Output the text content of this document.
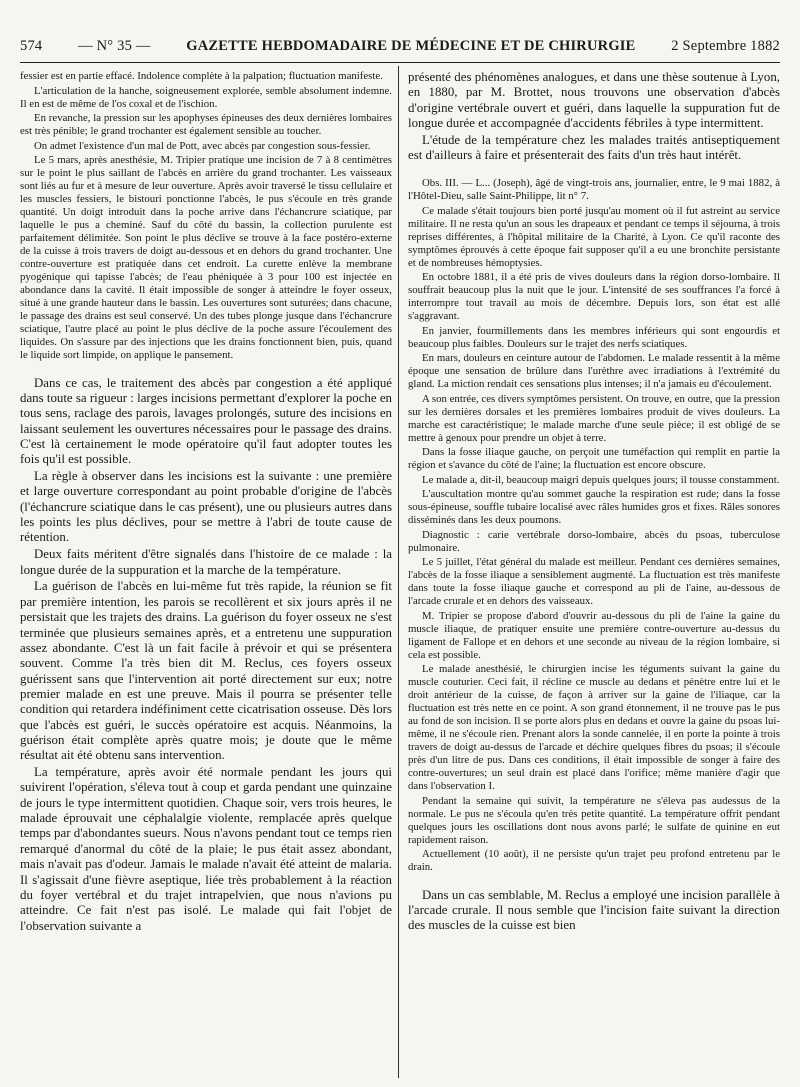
574 — N° 35 — GAZETTE HEBDOMADAIRE DE MÉDECINE ET DE CHIRURGIE 2 Septembre 1882

fessier est en partie effacé. Indolence complète à la palpation; fluctuation manifeste.

L'articulation de la hanche, soigneusement explorée, semble absolument indemne. Il en est de même de l'os coxal et de l'ischion.

En revanche, la pression sur les apophyses épineuses des deux dernières lombaires est très pénible; le grand trochanter est également sensible au toucher.

On admet l'existence d'un mal de Pott, avec abcès par congestion sous-fessier.

Le 5 mars, après anesthésie, M. Tripier pratique une incision de 7 à 8 centimètres sur le point le plus saillant de l'abcès en arrière du grand trochanter. Les vaisseaux sont liés au fur et à mesure de leur ouverture. Après avoir traversé le tissu cellulaire et les muscles fessiers, le bistouri ponctionne l'abcès, le pus s'écoule en très grande quantité. Un doigt introduit dans la poche arrive dans l'échancrure sciatique, par laquelle le pus a cheminé. Sauf du côté du bassin, la collection purulente est parfaitement délimitée. Son point le plus déclive se trouve à la face postéro-externe de la cuisse à trois travers de doigt au-dessous et en dehors du grand trochanter. Une contre-ouverture est pratiquée dans cet endroit. La curette enlève la membrane pyogénique qui tapisse l'abcès; de l'eau phéniquée à 3 pour 100 est injectée en abondance dans la cavité. Il était impossible de songer à atteindre le foyer osseux, situé à une grande hauteur dans le bassin. Les ouvertures sont suturées; dans chacune, le passage des drains est seul conservé. Un des tubes plonge jusque dans l'échancrure sciatique, l'autre placé au point le plus déclive de la poche assure l'écoulement des liquides. On s'assure par des injections que les drains fonctionnent bien, puis, quand le liquide sort limpide, on applique le pansement.

Dans ce cas, le traitement des abcès par congestion a été appliqué dans toute sa rigueur : larges incisions permettant d'explorer la poche en tous sens, raclage des parois, lavages prolongés, suture des incisions en laissant seulement les ouvertures nécessaires pour le passage des drains. C'est là certainement le mode opératoire qu'il faut adopter toutes les fois qu'il est possible.

La règle à observer dans les incisions est la suivante : une première et large ouverture correspondant au point probable d'origine de l'abcès (l'échancrure sciatique dans le cas présent), une ou plusieurs autres dans les points les plus déclives, pour se mettre à l'abri de toute cause de rétention.

Deux faits méritent d'être signalés dans l'histoire de ce malade : la longue durée de la suppuration et la marche de la température.

La guérison de l'abcès en lui-même fut très rapide, la réunion se fit par première intention, les parois se recollèrent et six jours après il ne persistait que les trajets des drains. La guérison du foyer osseux ne s'est terminée que plusieurs semaines après, et a entretenu une suppuration assez abondante. C'est là un fait facile à prévoir et qui se présentera souvent. Comme l'a très bien dit M. Reclus, ces foyers osseux guérissent sans que l'intervention ait porté directement sur eux; notre premier malade en est une preuve. Mais il pourra se présenter telle condition qui retardera indéfiniment cette cicatrisation osseuse. Dès lors que l'abcès est guéri, le succès opératoire est acquis. Néanmoins, la guérison était complète après quatre mois; je doute que le même résultat ait été obtenu sans intervention.

La température, après avoir été normale pendant les jours qui suivirent l'opération, s'éleva tout à coup et garda pendant une quinzaine de jours le type intermittent quotidien. Chaque soir, vers trois heures, le malade éprouvait une céphalalgie violente, remplacée après quelque temps par d'abondantes sueurs. Nous n'avons pendant tout ce temps rien remarqué d'anormal du côté de la plaie; le pus était assez abondant, mais n'avait pas d'odeur. Jamais le malade n'avait été atteint de malaria. Il s'agissait d'une fièvre aseptique, liée très probablement à la réaction du foyer vertébral et du trajet intrapelvien, que nous n'avions pu atteindre. Ce fait n'est pas isolé. Le malade qui fait l'objet de l'observation suivante a

présenté des phénomènes analogues, et dans une thèse soutenue à Lyon, en 1880, par M. Brottet, nous trouvons une observation d'abcès d'origine vertébrale ouvert et guéri, dans laquelle la suppuration fut de longue durée et accompagnée d'accidents fébriles à type intermittent.

L'étude de la température chez les malades traités antiseptiquement est d'ailleurs à faire et présenterait des faits d'un très haut intérêt.

Obs. III. — L... (Joseph), âgé de vingt-trois ans, journalier, entre, le 9 mai 1882, à l'Hôtel-Dieu, salle Saint-Philippe, lit n° 7.

Ce malade s'était toujours bien porté jusqu'au moment où il fut astreint au service militaire. Il ne resta qu'un an sous les drapeaux et pendant ce temps il séjourna, à trois reprises différentes, à l'hôpital militaire de la Charité, à Lyon. Ce qu'il raconte des symptômes éprouvés à cette époque fait supposer qu'il a eu une bronchite persistante et de nombreuses hémoptysies.

En octobre 1881, il a été pris de vives douleurs dans la région dorso-lombaire. Il souffrait beaucoup plus la nuit que le jour. L'intensité de ses souffrances l'a forcé à interrompre tout travail au mois de décembre. Depuis lors, son état est allé s'aggravant.

En janvier, fourmillements dans les membres inférieurs qui sont engourdis et beaucoup plus faibles. Douleurs sur le trajet des nerfs sciatiques.

En mars, douleurs en ceinture autour de l'abdomen. Le malade ressentit à la même époque une sensation de brûlure dans l'urèthre avec irradiations à l'extrémité du gland. La miction rendait ces sensations plus intenses; il n'a jamais eu d'écoulement.

A son entrée, ces divers symptômes persistent. On trouve, en outre, que la pression sur les dernières dorsales et les premières lombaires produit de vives douleurs. La marche est caractéristique; le malade marche d'une seule pièce; il est obligé de se mettre à genoux pour prendre un objet à terre.

Dans la fosse iliaque gauche, on perçoit une tuméfaction qui remplit en partie la région et s'avance du côté de l'aine; la fluctuation est encore obscure.

Le malade a, dit-il, beaucoup maigri depuis quelques jours; il tousse constamment.

L'auscultation montre qu'au sommet gauche la respiration est rude; dans la fosse sous-épineuse, souffle tubaire localisé avec râles humides gros et fixes. Râles sonores disséminés dans les deux poumons.

Diagnostic : carie vertébrale dorso-lombaire, abcès du psoas, tuberculose pulmonaire.

Le 5 juillet, l'état général du malade est meilleur. Pendant ces dernières semaines, l'abcès de la fosse iliaque a sensiblement augmenté. La fluctuation est très manifeste dans toute la fosse iliaque gauche et correspond au pli de l'aine, au-dessous de l'arcade crurale et en dehors des vaisseaux.

M. Tripier se propose d'abord d'ouvrir au-dessous du pli de l'aine la gaine du muscle iliaque, de pratiquer ensuite une première contre-ouverture au-dessus du ligament de Fallope et en dehors et une seconde au niveau de la région lombaire, si cela est possible.

Le malade anesthésié, le chirurgien incise les téguments suivant la gaine du muscle couturier. Ceci fait, il récline ce muscle au dedans et pénètre entre lui et le droit antérieur de la cuisse, de façon à arriver sur la gaine de l'iliaque, car la fluctuation est très nette en ce point. A son grand étonnement, il ne trouve pas le pus au fond de son incision. Il se porte alors plus en dedans et ouvre la gaine du psoas lui-même, il ne s'écoule rien. Prenant alors la sonde cannelée, il en porte la pointe à trois travers de doigt au-dessus de l'arcade et déchire quelques fibres du psoas; il s'écoule près d'un litre de pus. Dans ces conditions, il était impossible de songer à faire des contre-ouvertures; un seul drain est placé dans l'orifice; même manière d'agir que dans l'observation I.

Pendant la semaine qui suivit, la température ne s'éleva pas audessus de la normale. Le pus ne s'écoula qu'en très petite quantité. La température offrit pendant quelques jours les oscillations dont nous avons parlé; le sulfate de quinine en eut rapidement raison.

Actuellement (10 août), il ne persiste qu'un trajet peu profond entretenu par le drain.

Dans un cas semblable, M. Reclus a employé une incision parallèle à l'arcade crurale. Il nous semble que l'incision faite suivant la direction des muscles de la cuisse est bien
